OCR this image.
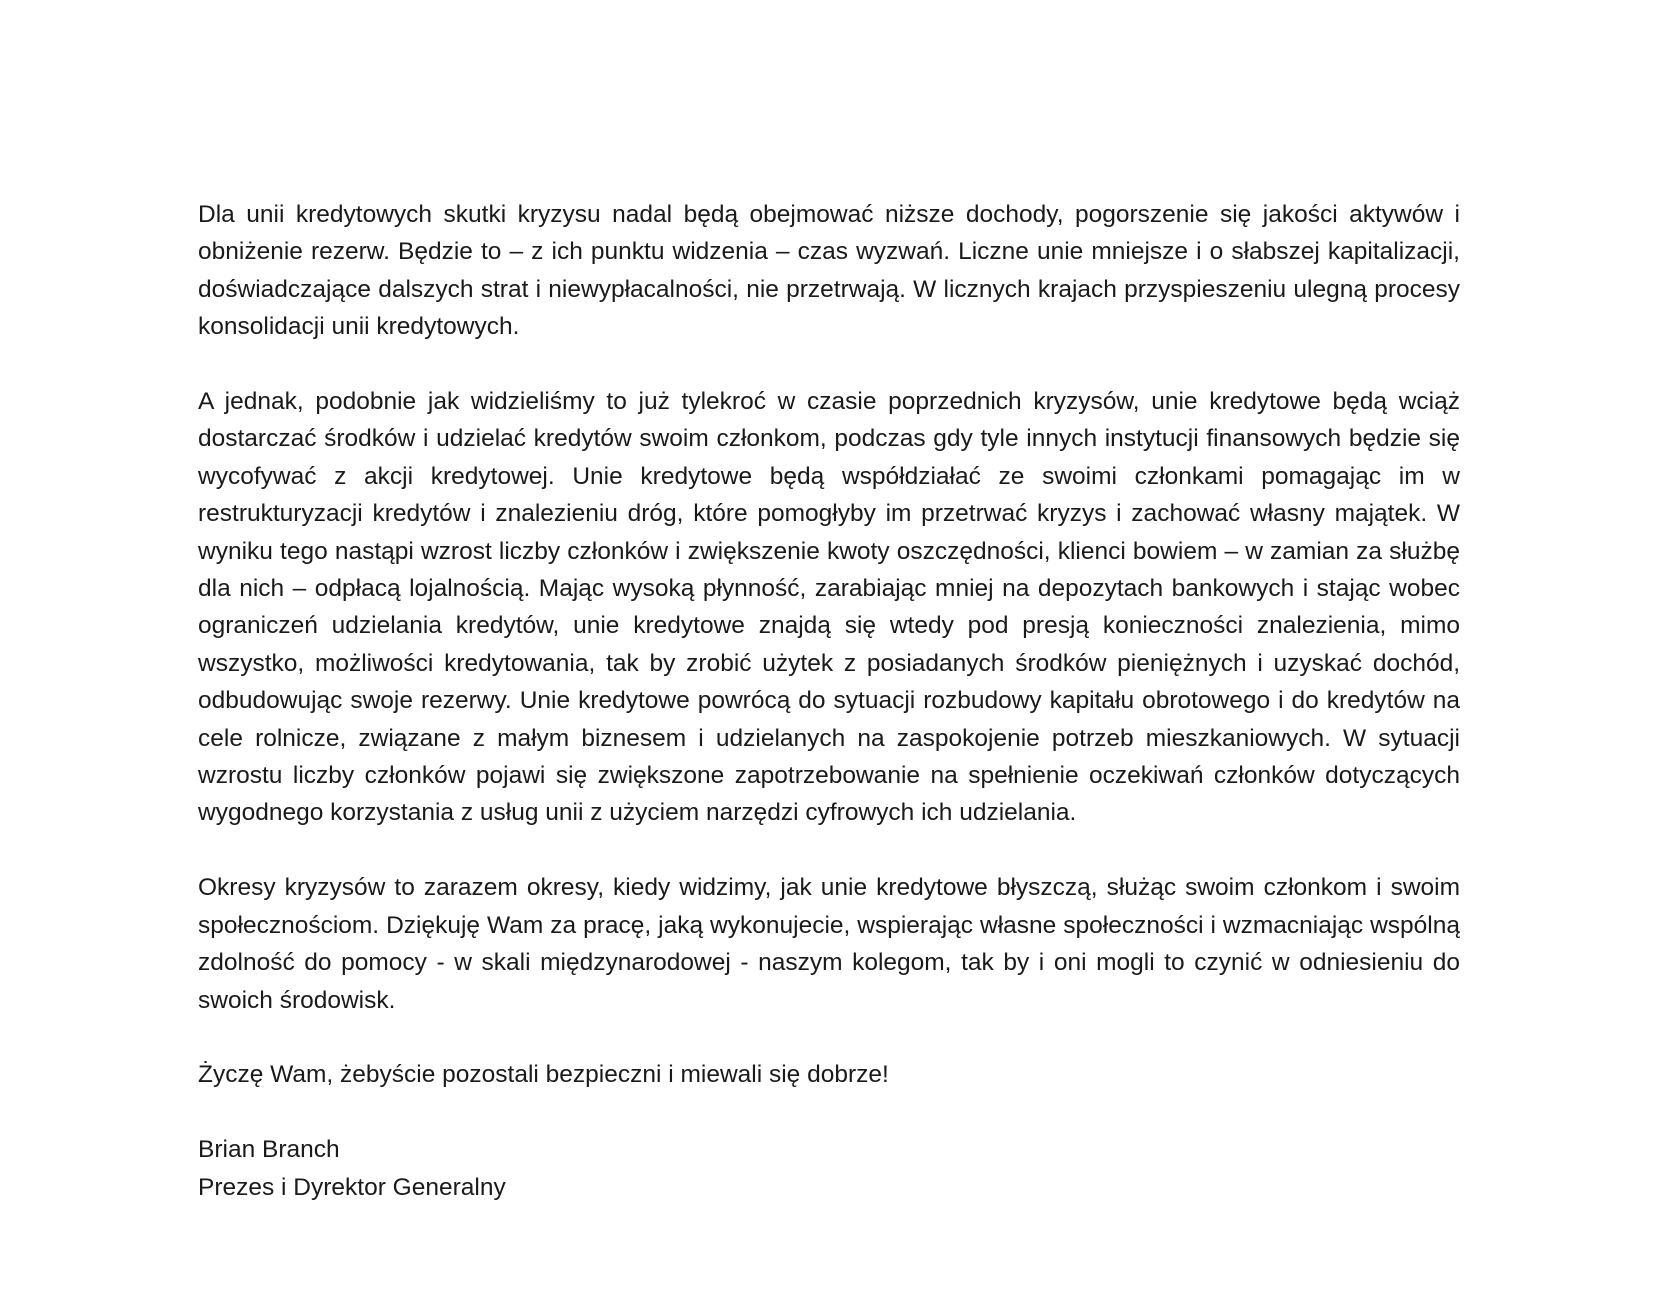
Dla unii kredytowych skutki kryzysu nadal będą obejmować niższe dochody, pogorszenie się jakości aktywów i obniżenie rezerw. Będzie to – z ich punktu widzenia – czas wyzwań. Liczne unie mniejsze i o słabszej kapitalizacji, doświadczające dalszych strat i niewypłacalności, nie przetrwają. W licznych krajach przyspieszeniu ulegną procesy konsolidacji unii kredytowych.

A jednak, podobnie jak widzieliśmy to już tylekroć w czasie poprzednich kryzysów, unie kredytowe będą wciąż dostarczać środków i udzielać kredytów swoim członkom, podczas gdy tyle innych instytucji finansowych będzie się wycofywać z akcji kredytowej. Unie kredytowe będą współdziałać ze swoimi członkami pomagając im w restrukturyzacji kredytów i znalezieniu dróg, które pomogłyby im przetrwać kryzys i zachować własny majątek. W wyniku tego nastąpi wzrost liczby członków i zwiększenie kwoty oszczędności, klienci bowiem – w zamian za służbę dla nich – odpłacą lojalnością. Mając wysoką płynność, zarabiając mniej na depozytach bankowych i stając wobec ograniczeń udzielania kredytów, unie kredytowe znajdą się wtedy pod presją konieczności znalezienia, mimo wszystko, możliwości kredytowania, tak by zrobić użytek z posiadanych środków pieniężnych i uzyskać dochód, odbudowując swoje rezerwy. Unie kredytowe powrócą do sytuacji rozbudowy kapitału obrotowego i do kredytów na cele rolnicze, związane z małym biznesem i udzielanych na zaspokojenie potrzeb mieszkaniowych. W sytuacji wzrostu liczby członków pojawi się zwiększone zapotrzebowanie na spełnienie oczekiwań członków dotyczących wygodnego korzystania z usług unii z użyciem narzędzi cyfrowych ich udzielania.

Okresy kryzysów to zarazem okresy, kiedy widzimy, jak unie kredytowe błyszczą, służąc swoim członkom i swoim społecznościom. Dziękuję Wam za pracę, jaką wykonujecie, wspierając własne społeczności i wzmacniając wspólną zdolność do pomocy - w skali międzynarodowej - naszym kolegom, tak by i oni mogli to czynić w odniesieniu do swoich środowisk.

Życzę Wam, żebyście pozostali bezpieczni i miewali się dobrze!

Brian Branch
Prezes i Dyrektor Generalny
